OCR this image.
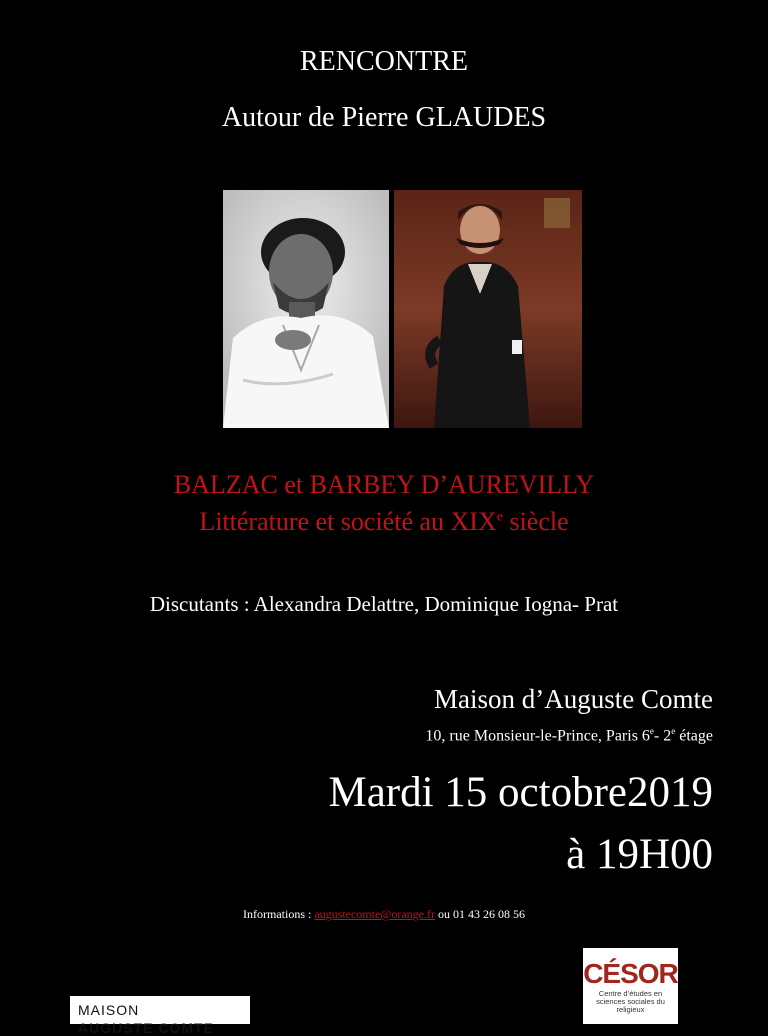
RENCONTRE
Autour de Pierre GLAUDES
BALZAC et BARBEY D’AUREVILLY
Littérature et société au XIXe siècle
Discutants : Alexandra Delattre, Dominique Iogna- Prat
Maison d’Auguste Comte
10, rue Monsieur-le-Prince, Paris 6e- 2e étage
Mardi 15 octobre2019
à 19H00
Informations : augustecomte@orange.fr ou 01 43 26 08 56
CÉSOR
Centre d’études en sciences sociales du religieux
MAISON
AUGUSTE COMTE
